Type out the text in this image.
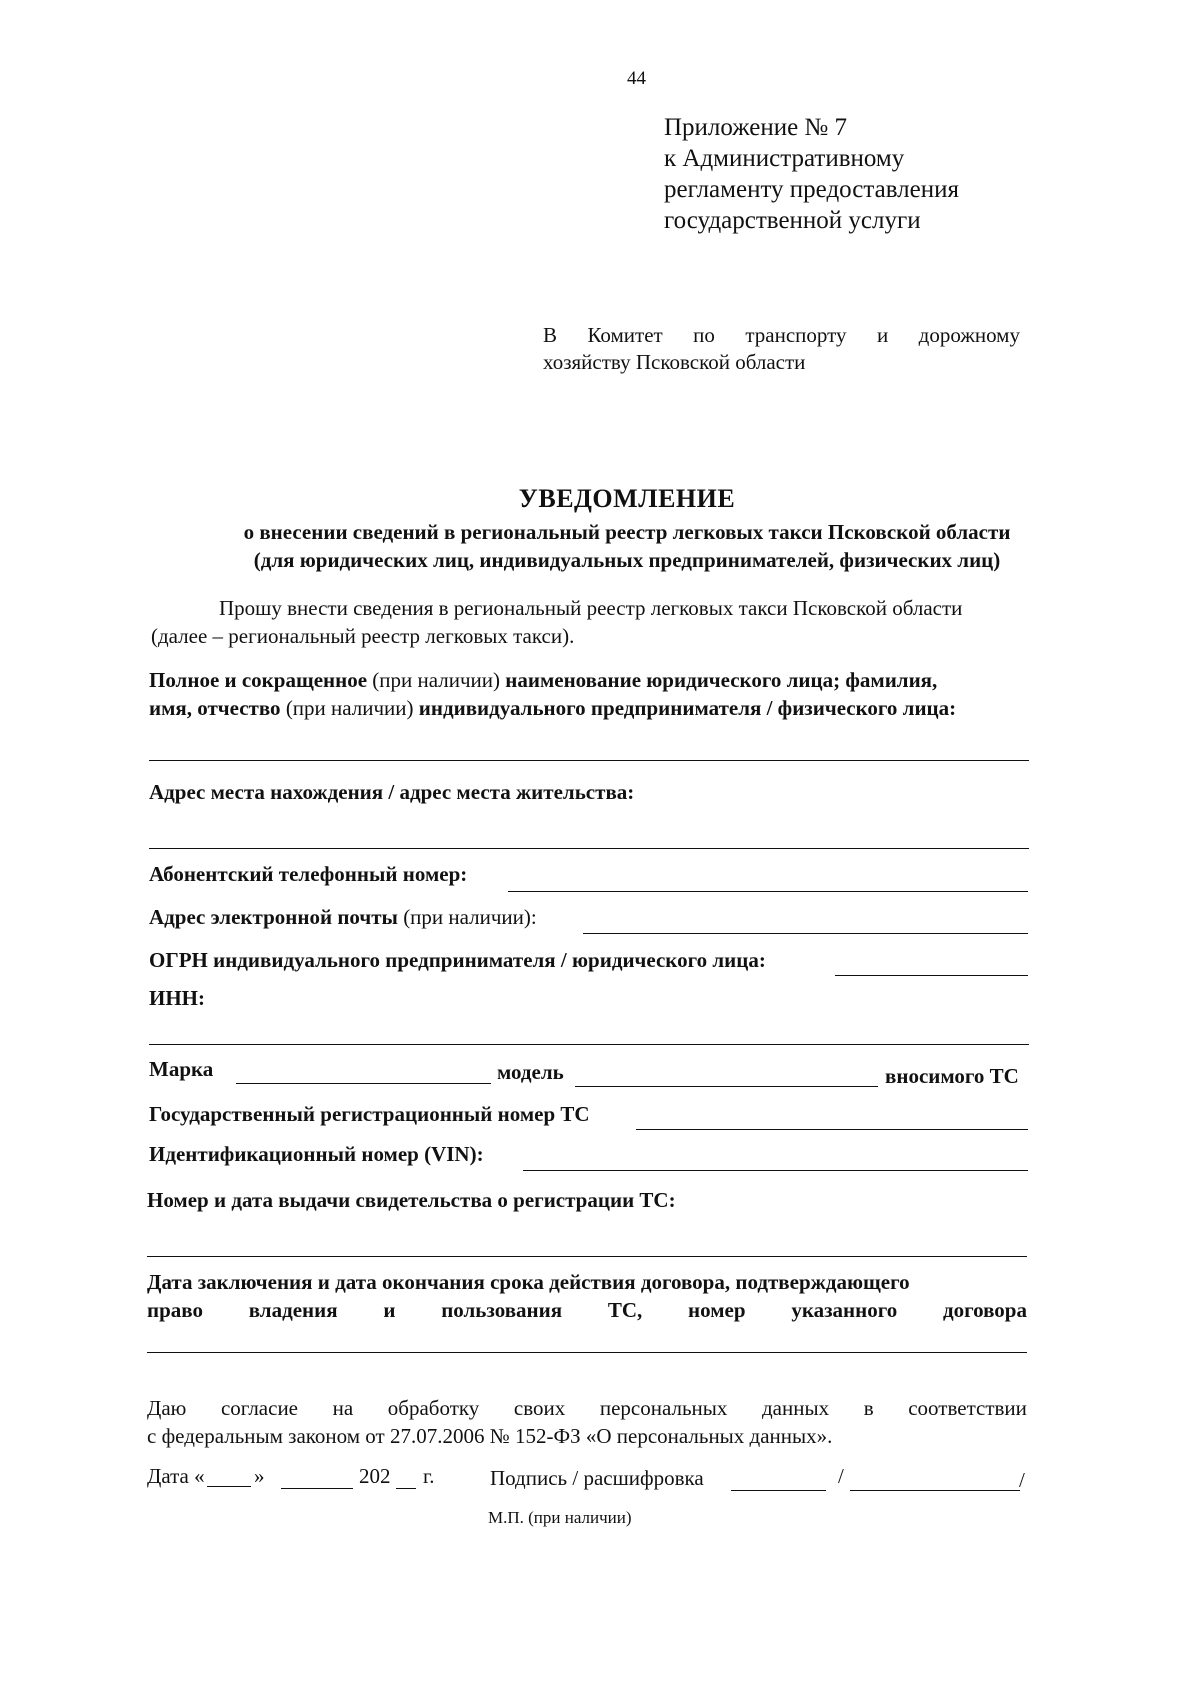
44
Приложение № 7
к Административному
регламенту предоставления
государственной услуги
В Комитет по транспорту и дорожному
хозяйству Псковской области
УВЕДОМЛЕНИЕ
о внесении сведений в региональный реестр легковых такси Псковской области
(для юридических лиц, индивидуальных предпринимателей, физических лиц)
Прошу внести сведения в региональный реестр легковых такси Псковской области
(далее – региональный реестр легковых такси).
Полное и сокращенное (при наличии) наименование юридического лица; фамилия,
имя, отчество (при наличии) индивидуального предпринимателя / физического лица:
Адрес места нахождения / адрес места жительства:
Абонентский телефонный номер:
Адрес электронной почты (при наличии):
ОГРН индивидуального предпринимателя / юридического лица:
ИНН:
Марка	модель	вносимого ТС
Государственный регистрационный номер ТС
Идентификационный номер (VIN):
Номер и дата выдачи свидетельства о регистрации ТС:
Дата заключения и дата окончания срока действия договора, подтверждающего
право владения и пользования ТС, номер указанного договора
Даю согласие на обработку своих персональных данных в соответствии
с федеральным законом от 27.07.2006 № 152-ФЗ «О персональных данных».
Дата « »	202 г.	Подпись / расшифровка	/	/
М.П. (при наличии)
